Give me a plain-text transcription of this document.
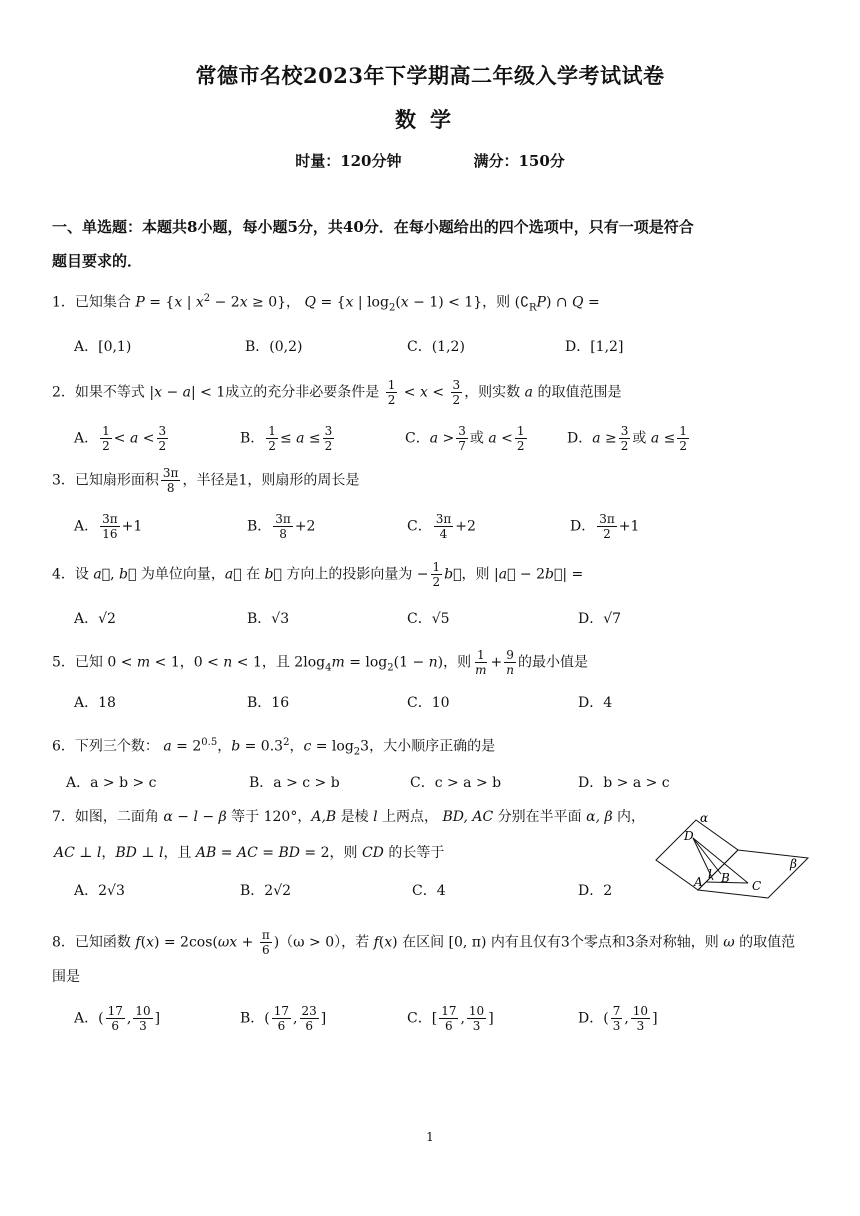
常德市名校2023年下学期高二年级入学考试试卷
数学
时量：120分钟	满分：150分
一、单选题：本题共8小题，每小题5分，共40分．在每小题给出的四个选项中，只有一项是符合
题目要求的．
1．已知集合 P = {x | $x^2 - 2x \ge 0$}， Q = {x | $\log_2(x - 1) < 1$}，则 $(∁_RP)$ ∩ Q =
A．[0,1)	B．(0,2)	C．(1,2)	D．[1,2]
2．如果不等式 |x − a| < 1成立的充分非必要条件是 $\frac{1}{2} < x < \frac{3}{2}$ ，则实数 a 的取值范围是
A． $\frac{1}{2} < a < \frac{3}{2}$	B． $\frac{1}{2} \le a \le \frac{3}{2}$	C．$a > \frac{3}{7}$ 或 $a < \frac{1}{2}$	D．$a \ge \frac{3}{2}$ 或 $a \le \frac{1}{2}$
3．已知扇形面积 $\frac{3\pi}{8}$ ，半径是1，则扇形的周长是
A． $\frac{3\pi}{16} +1$	B． $\frac{3\pi}{8} +2$	C． $\frac{3\pi}{4} +2$	D． $\frac{3\pi}{2} +1$
4．设 a⃗, b⃗ 为单位向量，a⃗ 在 b⃗ 方向上的投影向量为 − $\frac{1}{2}$ b⃗，则 |a⃗ − 2b⃗| =
A．√2	B．√3	C．√5	D．√7
5．已知 0 < m < 1，0 < n < 1，且 $2\log_4m = \log_2(1 - n)$，则 $\frac{1}{m} + \frac{9}{n}$ 的最小值是
A．18	B．16	C．10	D．4
6．下列三个数： $a = 2^{0.5}$，$b = 0.3^2$，$c = \log_23$，大小顺序正确的是
A．a > b > c	B．a > c > b	C．c > a > b	D．b > a > c
7．如图，二面角 α − l − β 等于 120°，A,B 是棱 l 上两点， BD, AC 分别在半平面 α, β 内，
AC ⊥ l，BD ⊥ l，且 AB = AC = BD = 2，则 CD 的长等于
A．2√3	B．2√2	C．4	D．2
α
D
l
A B
C
β
8．已知函数 $f(x) = 2\cos(\omega x + \frac{\pi}{6} )(\omega > 0)$，若 f(x) 在区间 [0, π) 内有且仅有3个零点和3条对称轴，则 ω 的取值范
围是
A．( $\frac{17}{6}$ , $\frac{10}{3}$ ]	B．( $\frac{17}{6}$ , $\frac{23}{6}$ ]	C．[ $\frac{17}{6}$ , $\frac{10}{3}$ ]	D．( $\frac{7}{3}$ , $\frac{10}{3}$ ]
1
